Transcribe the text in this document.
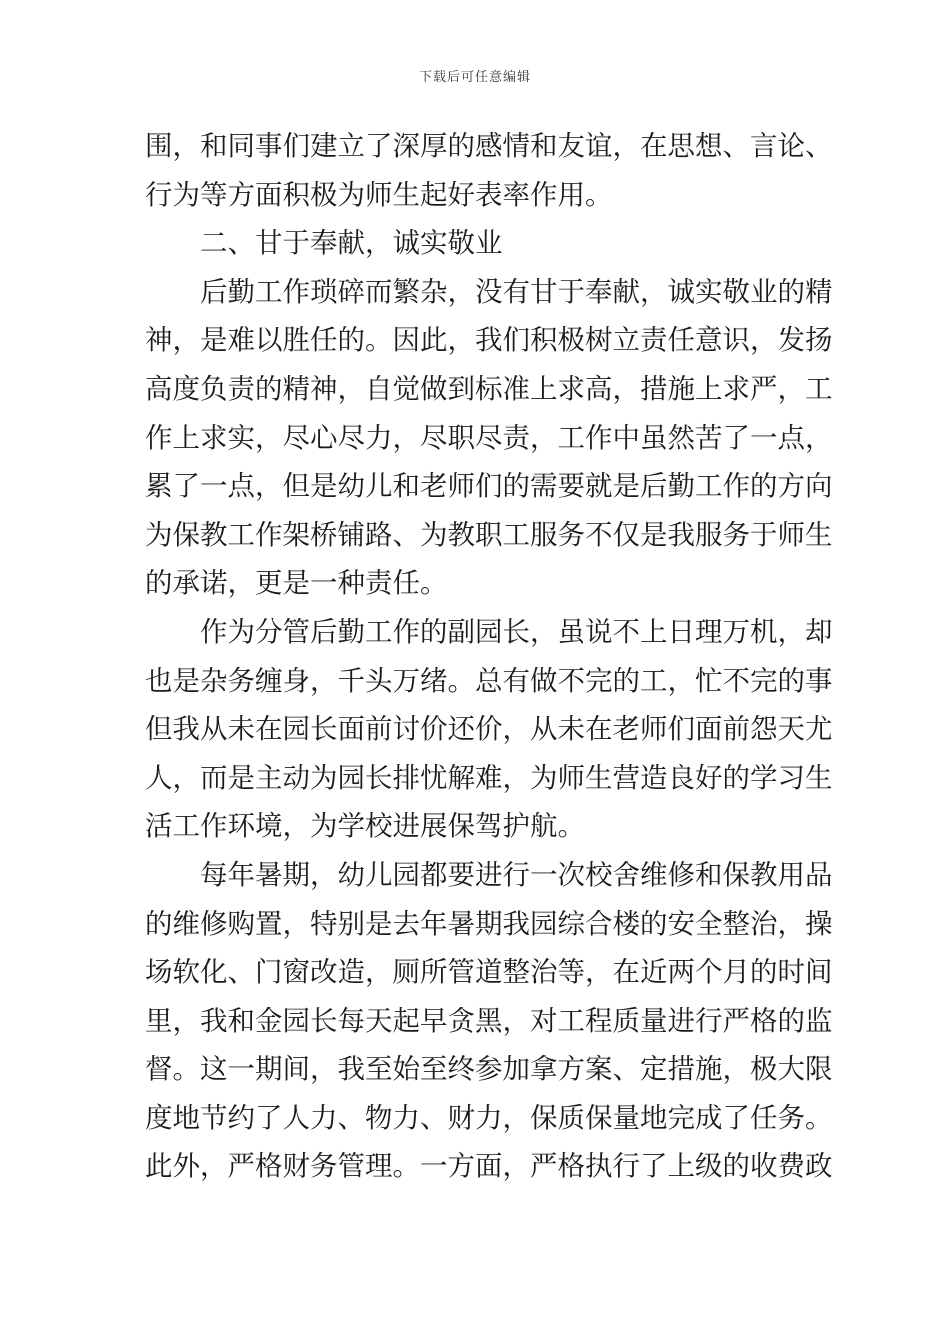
下载后可任意编辑
围，和同事们建立了深厚的感情和友谊，在思想、言论、
行为等方面积极为师生起好表率作用。
二、甘于奉献，诚实敬业
后勤工作琐碎而繁杂，没有甘于奉献，诚实敬业的精
神，是难以胜任的。因此，我们积极树立责任意识，发扬
高度负责的精神，自觉做到标准上求高，措施上求严，工
作上求实，尽心尽力，尽职尽责，工作中虽然苦了一点，
累了一点，但是幼儿和老师们的需要就是后勤工作的方向
为保教工作架桥铺路、为教职工服务不仅是我服务于师生
的承诺，更是一种责任。
作为分管后勤工作的副园长，虽说不上日理万机，却
也是杂务缠身，千头万绪。总有做不完的工，忙不完的事
但我从未在园长面前讨价还价，从未在老师们面前怨天尤
人，而是主动为园长排忧解难，为师生营造良好的学习生
活工作环境，为学校进展保驾护航。
每年暑期，幼儿园都要进行一次校舍维修和保教用品
的维修购置，特别是去年暑期我园综合楼的安全整治，操
场软化、门窗改造，厕所管道整治等，在近两个月的时间
里，我和金园长每天起早贪黑，对工程质量进行严格的监
督。这一期间，我至始至终参加拿方案、定措施，极大限
度地节约了人力、物力、财力，保质保量地完成了任务。
此外，严格财务管理。一方面，严格执行了上级的收费政
